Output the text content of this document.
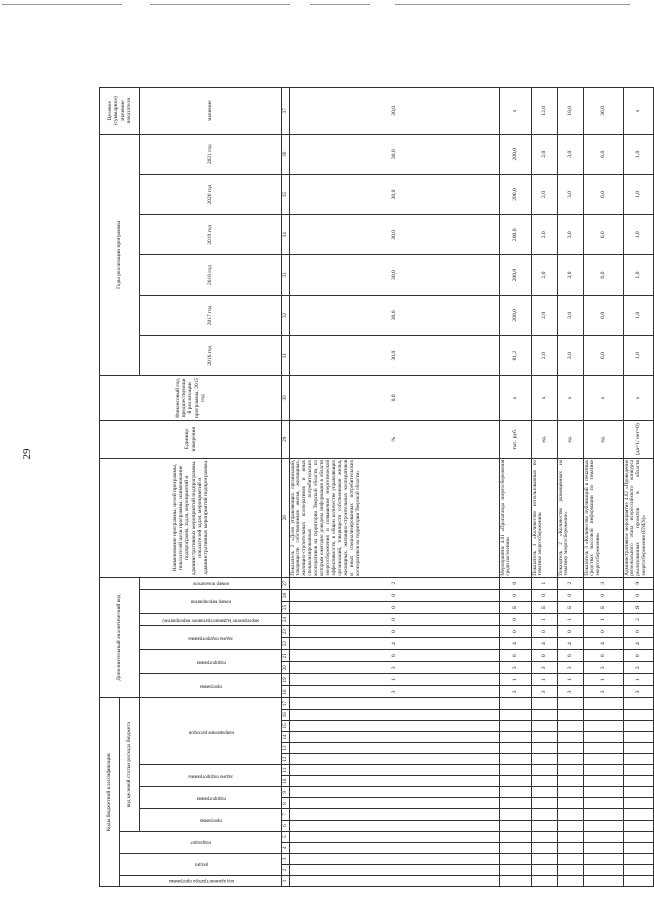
29
Коды бюджетной классификации																	Дополнительный аналитический код										Наименование программы, целей программы, показателей цели программы, наименование подпрограмм, задач, мероприятий и административных мероприятий подпрограммы, показателей задач, мероприятий и административных мероприятий подпрограммы	Единица измерения	Финансовый год, предшествующий реализации программы, 2015 год	Годы реализации программы						Целевое (суммарное) значение показателя
код администратора программы	раздел		подраздел		код целевой статьи расхода бюджета																															
					программа		подпрограмма		задача подпрограммы		направление расходов						программа		подпрограмма		задача подпрограммы		мероприятие (административное мероприятие)	номер мероприятия		номер показателя				2016 год	2017 год	2018 год	2019 год	2020 год	2021 год	значение
1	2	3	4	5	6	7	8	9	10	11	12	13	14	15	16	17	18	19	20	21	22	23	24	25	26	27	28	29	30	31	32	33	34	35	36	37
																	3	1	3	0	4	0	0	0	0	2	Показатель 2 «Доля управляющих организаций, товариществ собственников жилья, жилищных, жилищно-строительных кооперативов и иных специализированных потребительских кооперативов на территории Тверской области, по которым ежегодно доведена информация в области энергосбережения и повышения энергетической эффективности, в общем количестве управляющих организаций, товариществ собственников жилья, жилищных, жилищно-строительных кооперативов и иных специализированных потребительских кооперативов на территории Тверской области»	%	0,0	30,0	30,0	30,0	30,0	30,0	30,0	30,0
																	3	1	3	0	4	0	0	Б	0	0	Мероприятие 4.01 «Пропаганда энергосбережения среди населения»	тыс. руб.	x	81,2	200,0	200,0	200,0	200,0	200,0	x
																	3	1	3	0	4	0	1	Б	0	1	Показатель 1 «Количество использованных по тематике энергосбережения»	ед.	x	2,0	2,0	2,0	2,0	2,0	2,0	12,0
																	3	1	3	0	4	0	1	Б	0	2	Показатель 2 «Количество размещённых на тематику энергосбережение»	ед.	x	3,0	3,0	3,0	3,0	3,0	3,0	18,0
																	3	1	3	0	4	0	1	Б	0	3	Показатель 3 «Количество публикаций в печатных средствах массовой информации по тематике энергосбережения»	ед.	x	6,0	6,0	6,0	6,0	6,0	6,0	36,0
																	3	1	3	0	4	0	2	Я	0	9	Административное мероприятие 4.02 «Проведение регионального этапа всероссийского конкурса реализованных проектов в области энергосбережения (ENES)»	(да=1/ нет=0)	x	1,0	1,0	1,0	1,0	1,0	1,0	x
